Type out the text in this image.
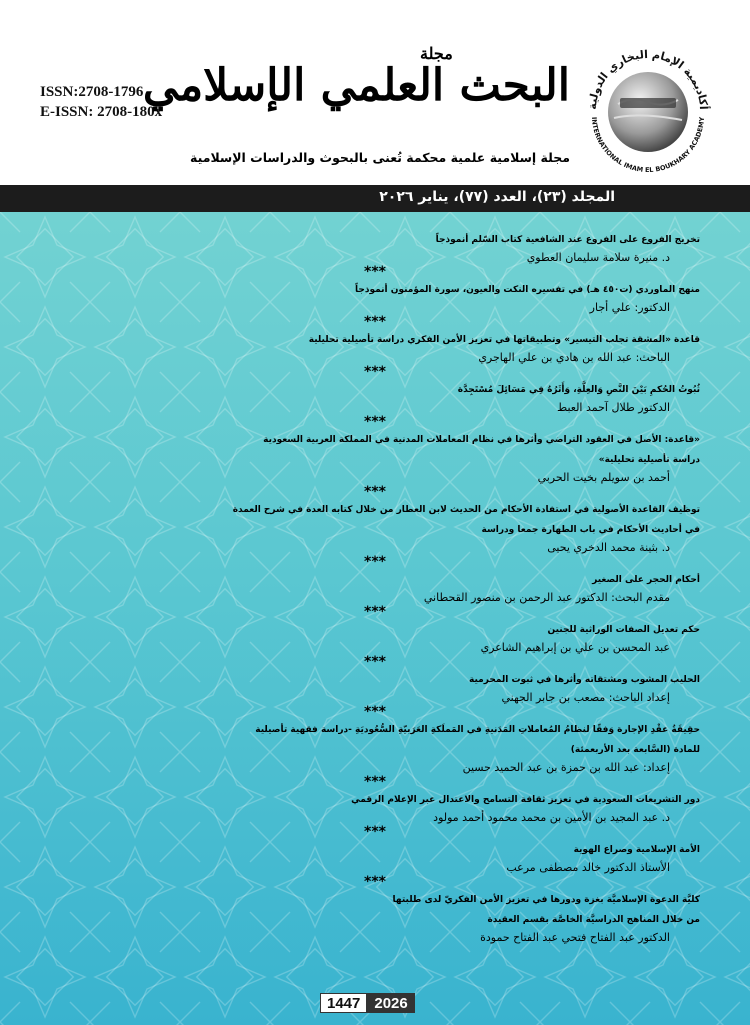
ISSN:2708-1796
E-ISSN: 2708-180x
مجلة
البحث العلمي الإسلامي
مجلة إسلامية علمية محكمة تُعنى بالبحوث والدراسات الإسلامية
أكاديمية الإمام البخاري الدولية
INTERNATIONAL IMAM EL BOUKHARY ACADEMY
المجلد (٢٣)، العدد (٧٧)، يناير ٢٠٢٦
تخريج الفروع على الفروع عند الشافعية كتاب السّلم أنموذجاً
د. منيرة سلامة سليمان العطوي
***
منهج الماوردي (ت٤٥٠ هـ) في تفسيره النكت والعيون، سورة المؤمنون أنموذجاً
الدكتور: علي أجار
***
قاعدة «المشقة تجلب التيسير» وتطبيقاتها في تعزيز الأمن الفكري دراسة تأصيلية تحليلية
الباحث: عبد الله بن هادي بن علي الهاجري
***
ثُبُوتُ الحُكمِ بَيْنَ النَّصِ وَالعِلَّةِ، وَأَثَرُهُ فِي مَسَائِلَ مُسْتَجِدَّة
الدكتور طلال آحمد العبط
***
«قاعدة: الأصل في العقود التراضي وأثرها في نظام المعاملات المدنية في المملكة العربية السعودية
دراسة تأصيلية تحليلية»
أحمد بن سويلم بخيت الحربي
***
توظيف القاعدة الأصولية في استفادة الأحكام من الحديث لابن العطار من خلال كتابه العدة في شرح العمدة
في أحاديث الأحكام في باب الطهارة جمعا ودراسة
د. بثينة محمد الدخري يحيى
***
أحكام الحجر على الصغير
مقدم البحث: الدكتور عبد الرحمن بن منصور القحطاني
***
حكم تعديل الصفات الوراثية للجنين
عبد المحسن بن علي بن إبراهيم الشاعري
***
الحليب المشوب ومشتقاته وأثرها في ثبوت المحرمية
إعداد الباحث: مصعب بن جابر الجهني
***
حقِيقَةُ عقْدِ الإجارة وَفقًا لنظامُ المُعاملاتِ المَدَنيةِ في المَملَكةِ العَرَبيّةِ السُّعُوديَةِ -دراسة فقهية تأصيلية
للمادة (السَّابعة بعد الأربعمئة)
إعداد: عبد الله بن حمزة بن عبد الحميد حسين
***
دور التشريعات السعودية في تعزيز ثقافة التسامح والاعتدال عبر الإعلام الرقمي
د. عبد المجيد بن الأمين بن محمد محمود أحمد مولود
***
الأمة الإسلامية وصراع الهوية
الأستاذ الدكتور خالد مصطفى مرعب
***
كليَّة الدعوة الإسلاميَّة بغزة ودورها في تعزيز الأمن الفكريّ لدى طلبتها
من خلال المناهج الدراسيَّة الخاصَّة بقسم العقيدة
الدكتور عبد الفتاح فتحي عبد الفتاح حمودة
1447 2026
